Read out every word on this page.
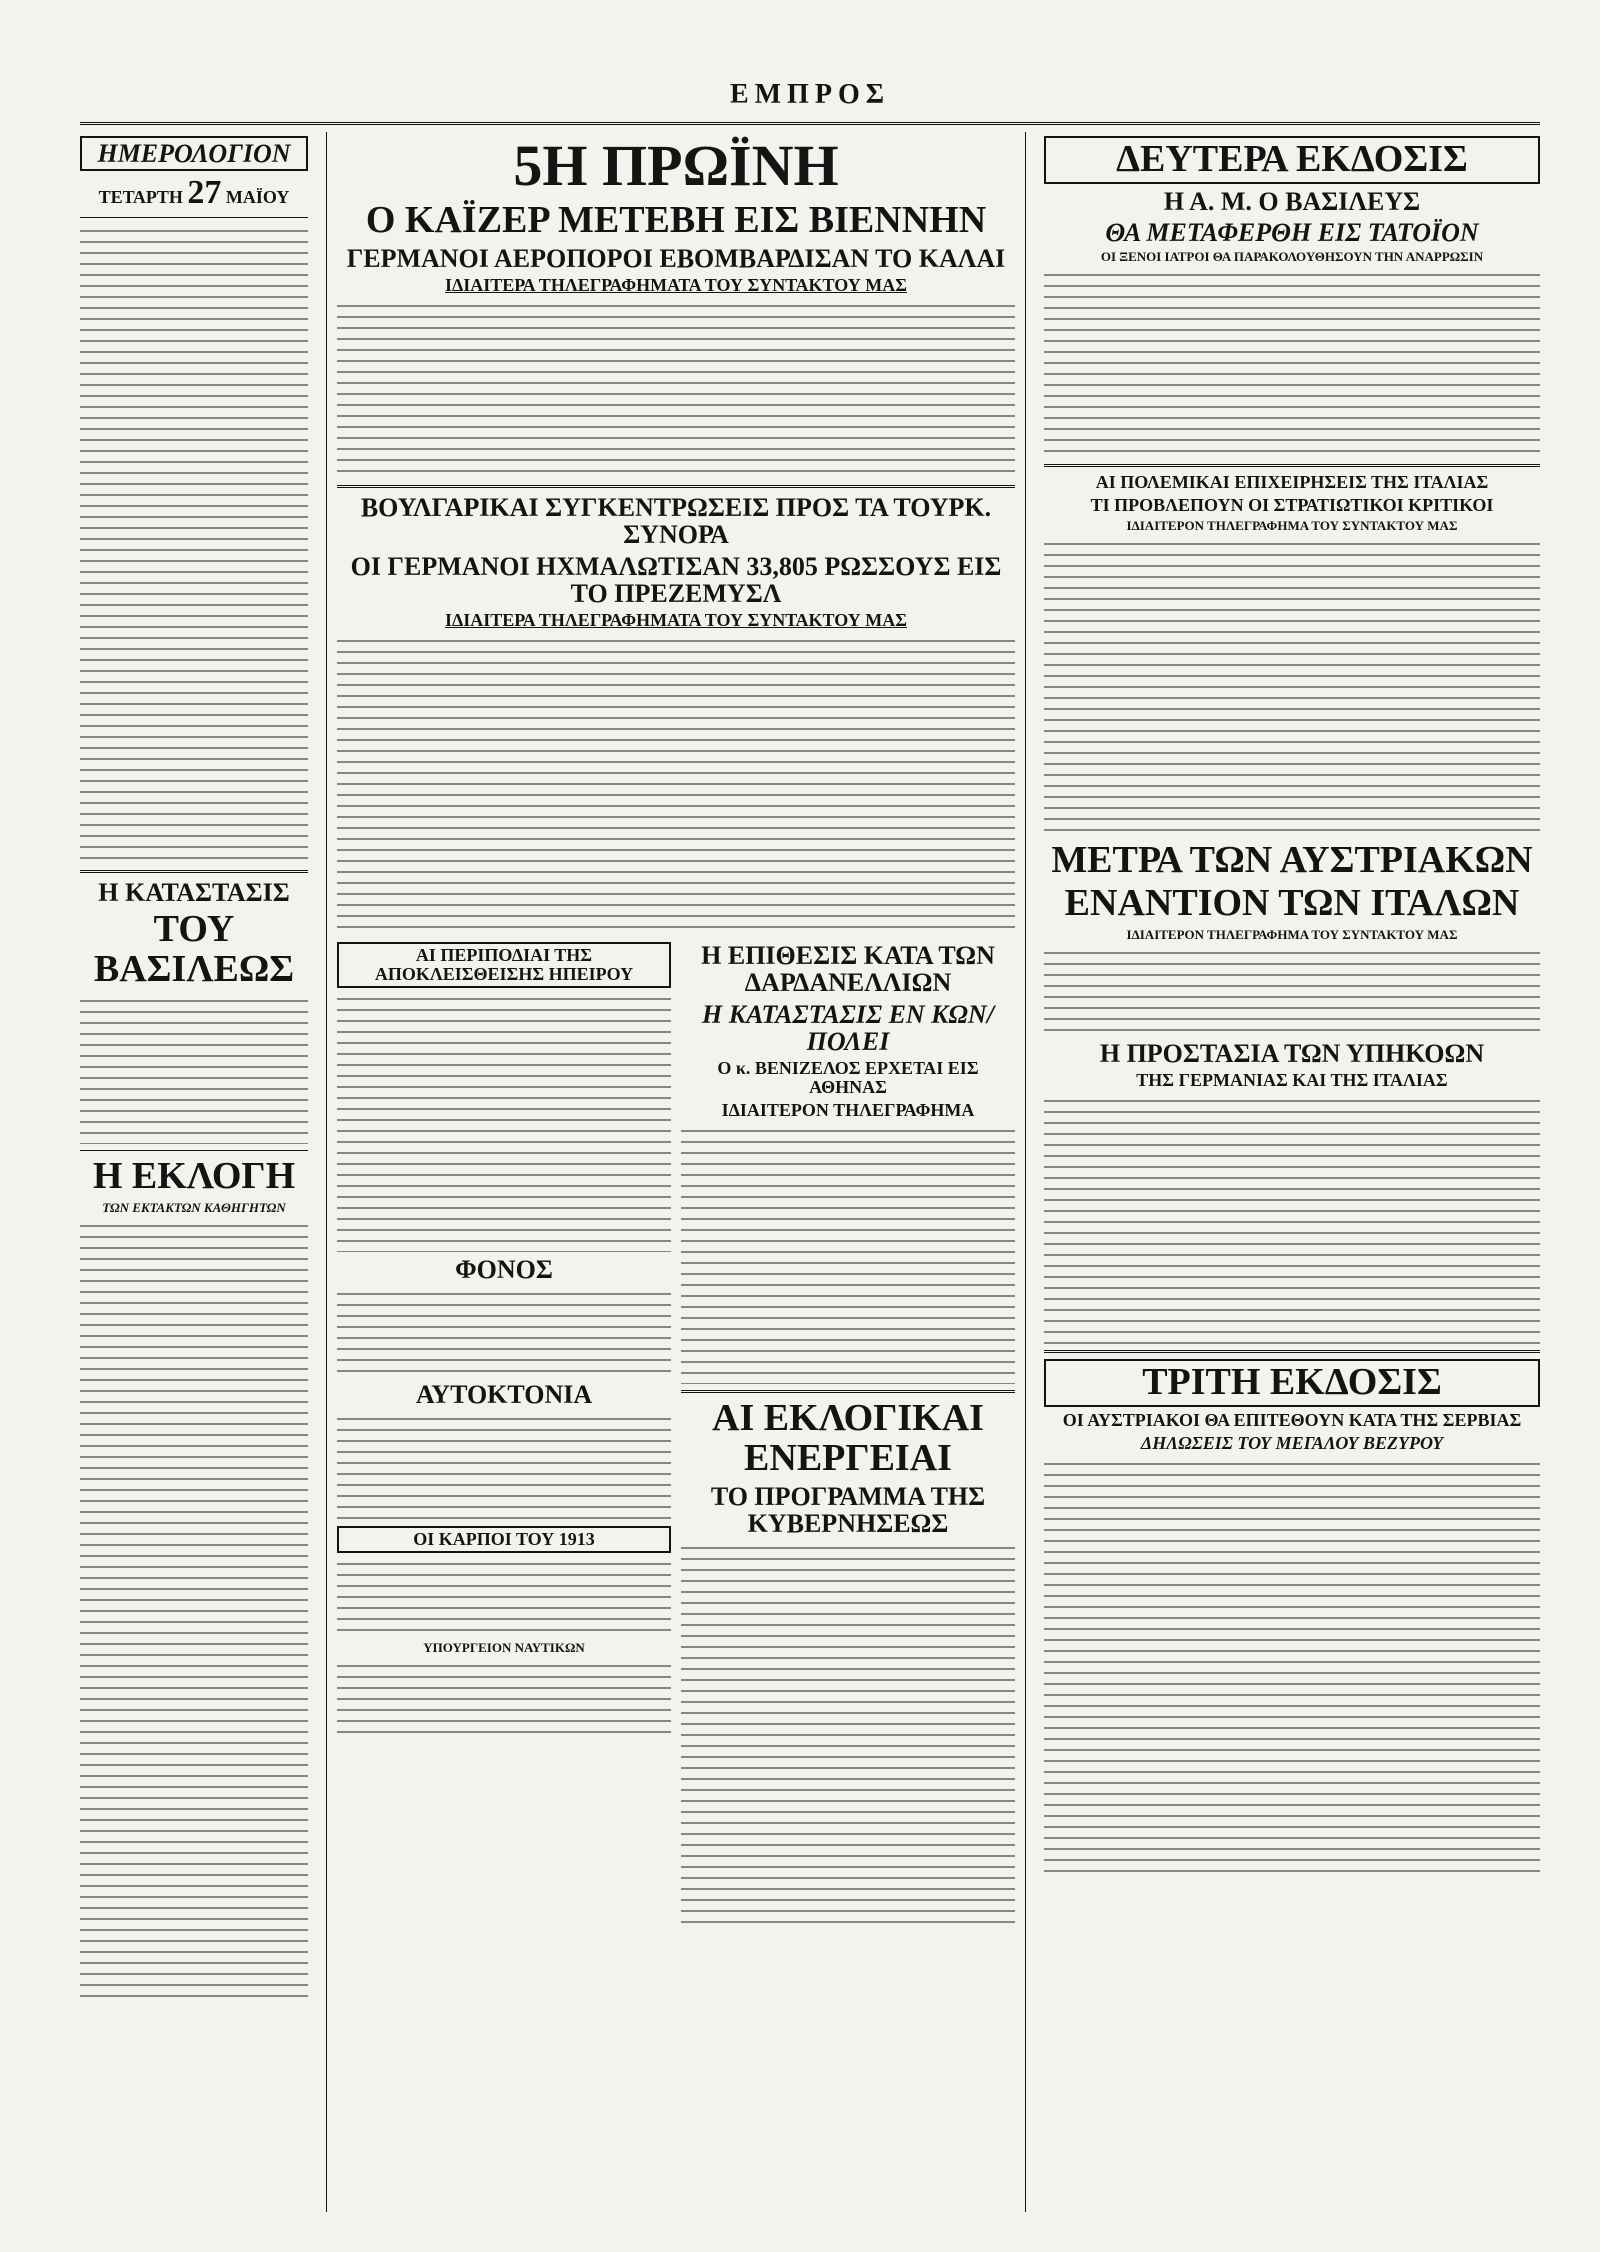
ΕΜΠΡΟΣ
ΗΜΕΡΟΛΟΓΙΟΝ
ΤΕΤΑΡΤΗ 27 ΜΑΪΟΥ
Η ΚΑΤΑΣΤΑΣΙΣ
ΤΟΥ ΒΑΣΙΛΕΩΣ
Η ΕΚΛΟΓΗ
ΤΩΝ ΕΚΤΑΚΤΩΝ ΚΑΘΗΓΗΤΩΝ
5Η ΠΡΩΪΝΗ
Ο ΚΑΪΖΕΡ ΜΕΤΕΒΗ ΕΙΣ ΒΙΕΝΝΗΝ
ΓΕΡΜΑΝΟΙ ΑΕΡΟΠΟΡΟΙ ΕΒΟΜΒΑΡΔΙΣΑΝ ΤΟ ΚΑΛΑΙ
ΙΔΙΑΙΤΕΡΑ ΤΗΛΕΓΡΑΦΗΜΑΤΑ ΤΟΥ ΣΥΝΤΑΚΤΟΥ ΜΑΣ
ΒΟΥΛΓΑΡΙΚΑΙ ΣΥΓΚΕΝΤΡΩΣΕΙΣ ΠΡΟΣ ΤΑ ΤΟΥΡΚ. ΣΥΝΟΡΑ
ΟΙ ΓΕΡΜΑΝΟΙ ΗΧΜΑΛΩΤΙΣΑΝ 33,805 ΡΩΣΣΟΥΣ ΕΙΣ ΤΟ ΠΡΕΖΕΜΥΣΛ
ΙΔΙΑΙΤΕΡΑ ΤΗΛΕΓΡΑΦΗΜΑΤΑ ΤΟΥ ΣΥΝΤΑΚΤΟΥ ΜΑΣ
ΑΙ ΠΕΡΙΠΟΔΙΑΙ ΤΗΣ ΑΠΟΚΛΕΙΣΘΕΙΣΗΣ ΗΠΕΙΡΟΥ
ΦΟΝΟΣ
ΑΥΤΟΚΤΟΝΙΑ
ΟΙ ΚΑΡΠΟΙ ΤΟΥ 1913
ΥΠΟΥΡΓΕΙΟΝ ΝΑΥΤΙΚΩΝ
Η ΕΠΙΘΕΣΙΣ ΚΑΤΑ ΤΩΝ ΔΑΡΔΑΝΕΛΛΙΩΝ
Η ΚΑΤΑΣΤΑΣΙΣ ΕΝ ΚΩΝ/ΠΟΛΕΙ
Ο κ. ΒΕΝΙΖΕΛΟΣ ΕΡΧΕΤΑΙ ΕΙΣ ΑΘΗΝΑΣ
ΙΔΙΑΙΤΕΡΟΝ ΤΗΛΕΓΡΑΦΗΜΑ
ΑΙ ΕΚΛΟΓΙΚΑΙ ΕΝΕΡΓΕΙΑΙ
ΤΟ ΠΡΟΓΡΑΜΜΑ ΤΗΣ ΚΥΒΕΡΝΗΣΕΩΣ
ΔΕΥΤΕΡΑ ΕΚΔΟΣΙΣ
Η Α. Μ. Ο ΒΑΣΙΛΕΥΣ
ΘΑ ΜΕΤΑΦΕΡΘΗ ΕΙΣ ΤΑΤΟΪΟΝ
ΟΙ ΞΕΝΟΙ ΙΑΤΡΟΙ ΘΑ ΠΑΡΑΚΟΛΟΥΘΗΣΟΥΝ ΤΗΝ ΑΝΑΡΡΩΣΙΝ
ΑΙ ΠΟΛΕΜΙΚΑΙ ΕΠΙΧΕΙΡΗΣΕΙΣ ΤΗΣ ΙΤΑΛΙΑΣ
ΤΙ ΠΡΟΒΛΕΠΟΥΝ ΟΙ ΣΤΡΑΤΙΩΤΙΚΟΙ ΚΡΙΤΙΚΟΙ
ΙΔΙΑΙΤΕΡΟΝ ΤΗΛΕΓΡΑΦΗΜΑ ΤΟΥ ΣΥΝΤΑΚΤΟΥ ΜΑΣ
ΜΕΤΡΑ ΤΩΝ ΑΥΣΤΡΙΑΚΩΝ
ΕΝΑΝΤΙΟΝ ΤΩΝ ΙΤΑΛΩΝ
ΙΔΙΑΙΤΕΡΟΝ ΤΗΛΕΓΡΑΦΗΜΑ ΤΟΥ ΣΥΝΤΑΚΤΟΥ ΜΑΣ
Η ΠΡΟΣΤΑΣΙΑ ΤΩΝ ΥΠΗΚΟΩΝ
ΤΗΣ ΓΕΡΜΑΝΙΑΣ ΚΑΙ ΤΗΣ ΙΤΑΛΙΑΣ
ΤΡΙΤΗ ΕΚΔΟΣΙΣ
ΟΙ ΑΥΣΤΡΙΑΚΟΙ ΘΑ ΕΠΙΤΕΘΟΥΝ ΚΑΤΑ ΤΗΣ ΣΕΡΒΙΑΣ
ΔΗΛΩΣΕΙΣ ΤΟΥ ΜΕΓΑΛΟΥ ΒΕΖΥΡΟΥ
